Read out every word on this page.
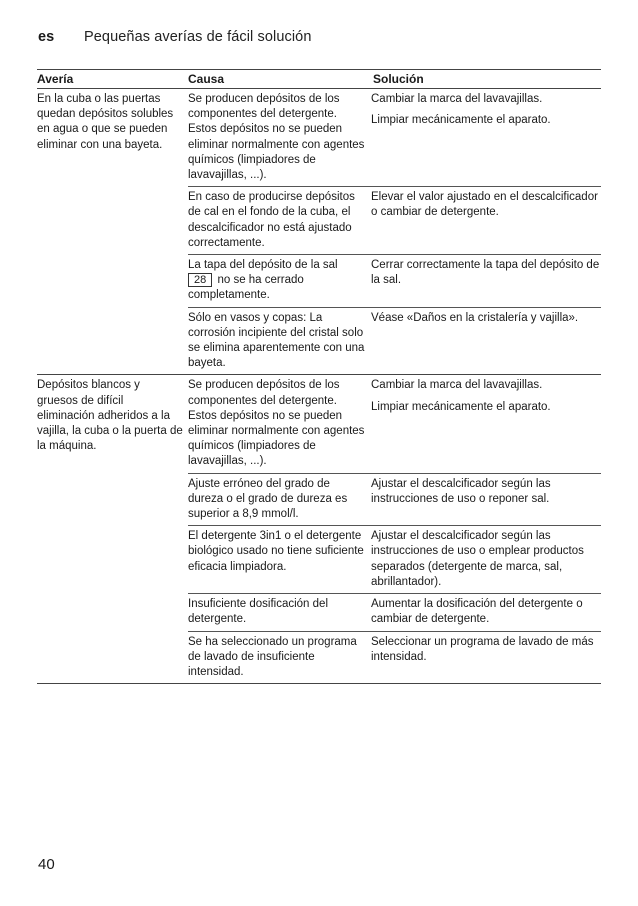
es Pequeñas averías de fácil solución
Avería	Causa	Solución
En la cuba o las puertas quedan depósitos solubles en agua o que se pueden eliminar con una bayeta.
Se producen depósitos de los componentes del detergente. Estos depósitos no se pueden eliminar normalmente con agentes químicos (limpiadores de lavavajillas, ...).

Cambiar la marca del lavavajillas.

Limpiar mecánicamente el aparato.

En caso de producirse depósitos de cal en el fondo de la cuba, el descalcificador no está ajustado correctamente.

Elevar el valor ajustado en el descalcificador o cambiar de detergente.

La tapa del depósito de la sal
28 no se ha cerrado completamente.

Cerrar correctamente la tapa del depósito de la sal.

Sólo en vasos y copas: La corrosión incipiente del cristal solo se elimina aparentemente con una bayeta.

Véase «Daños en la cristalería y vajilla».

Depósitos blancos y gruesos de difícil eliminación adheridos a la vajilla, la cuba o la puerta de la máquina.
Se producen depósitos de los componentes del detergente. Estos depósitos no se pueden eliminar normalmente con agentes químicos (limpiadores de lavavajillas, ...).

Cambiar la marca del lavavajillas.

Limpiar mecánicamente el aparato.

Ajuste erróneo del grado de dureza o el grado de dureza es superior a 8,9 mmol/l.

Ajustar el descalcificador según las instrucciones de uso o reponer sal.

El detergente 3in1 o el detergente biológico usado no tiene suficiente eficacia limpiadora.

Ajustar el descalcificador según las instrucciones de uso o emplear productos separados (detergente de marca, sal, abrillantador).

Insuficiente dosificación del detergente.

Aumentar la dosificación del detergente o cambiar de detergente.

Se ha seleccionado un programa de lavado de insuficiente intensidad.

Seleccionar un programa de lavado de más intensidad.

40
